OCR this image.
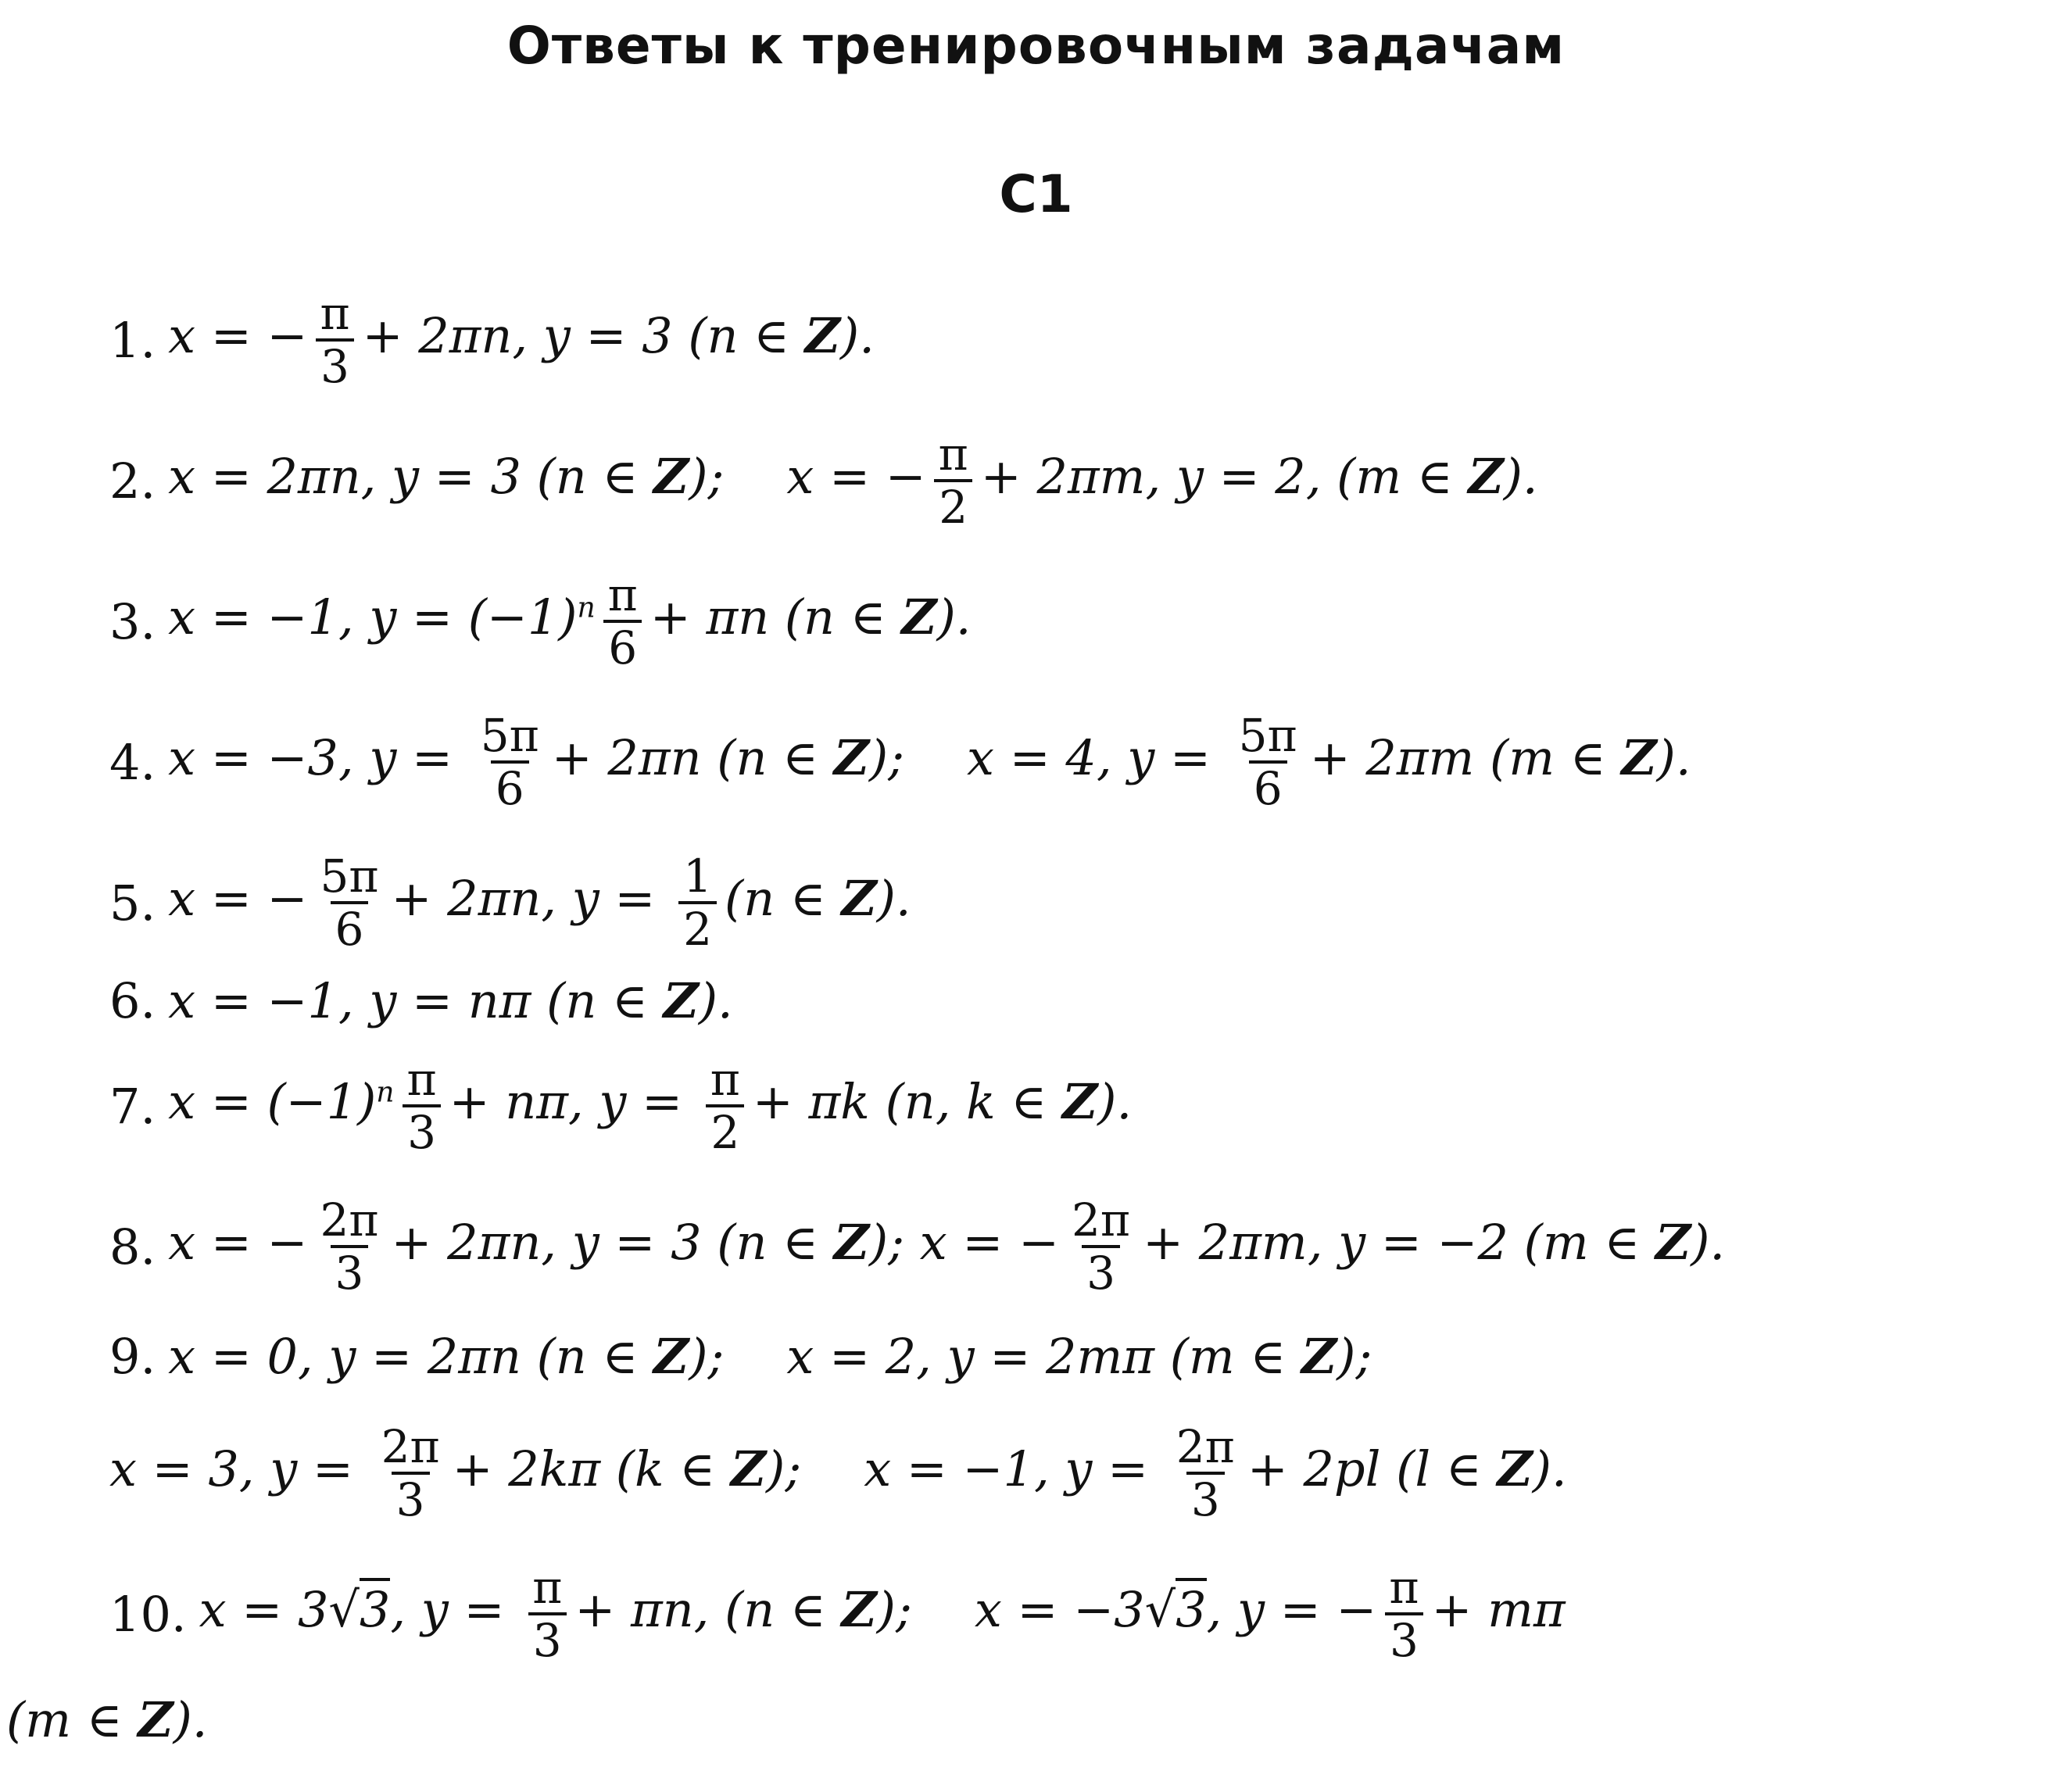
Ответы к тренировочным задачам
C1
1. x = − $\frac{\pi}{3} + 2\pi n$, y = 3 (n ∈ Z).
2. x = 2πn, y = 3 (n ∈ Z); x = − $\frac{\pi}{2} + 2\pi m$, y = 2, (m ∈ Z).
3. x = −1, $y = (-1)^n \frac{\pi}{6} + \pi n$ (n ∈ Z).
4. x = −3, $y = \frac{5\pi}{6} + 2\pi n$ (n ∈ Z); x = 4, $y = \frac{5\pi}{6} + 2\pi m$ (m ∈ Z).
5. x = − $\frac{5\pi}{6} + 2\pi n$, $y = \frac{1}{2} (n$ ∈ Z).
6. x = −1, y = nπ (n ∈ Z).
7. $x = (-1)^n \frac{\pi}{3} + n\pi$, $y = \frac{\pi}{2} + \pi k$ (n, k ∈ Z).
8. x = − $\frac{2\pi}{3} + 2\pi n$, y = 3 (n ∈ Z); x = − $\frac{2\pi}{3} + 2\pi m$, y = −2 (m ∈ Z).
9. x = 0, y = 2πn (n ∈ Z); x = 2, y = 2mπ (m ∈ Z);
x = 3, $y = \frac{2\pi}{3} + 2k\pi$ (k ∈ Z); x = −1, $y = \frac{2\pi}{3} + 2pl$ (l ∈ Z).
10. x = 3√3, $y = \frac{\pi}{3} + \pi n$, (n ∈ Z); x = −3√3, y = − $\frac{\pi}{3} + m\pi$
(m ∈ Z).
